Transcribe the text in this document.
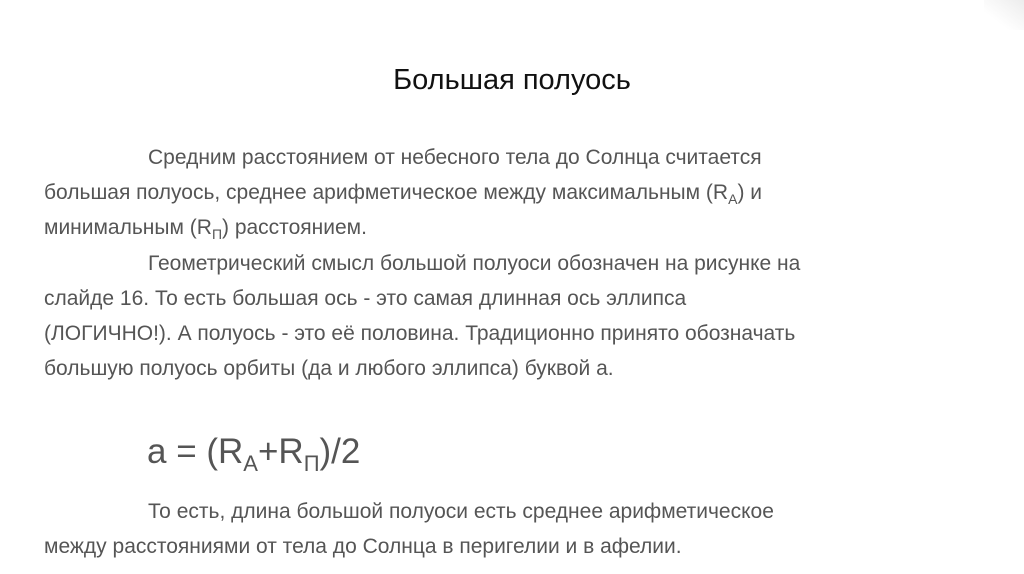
Большая полуось
Средним расстоянием от небесного тела до Солнца считается
большая полуось, среднее арифметическое между максимальным $(R_A)$ и
минимальным $(R_П)$ расстоянием.
Геометрический смысл большой полуоси обозначен на рисунке на
слайде 16. То есть большая ось - это самая длинная ось эллипса
(ЛОГИЧНО!). А полуось - это её половина. Традиционно принято обозначать
большую полуось орбиты (да и любого эллипса) буквой a.
$a = (R_A+R_П)/2$
То есть, длина большой полуоси есть среднее арифметическое
между расстояниями от тела до Солнца в перигелии и в афелии.
